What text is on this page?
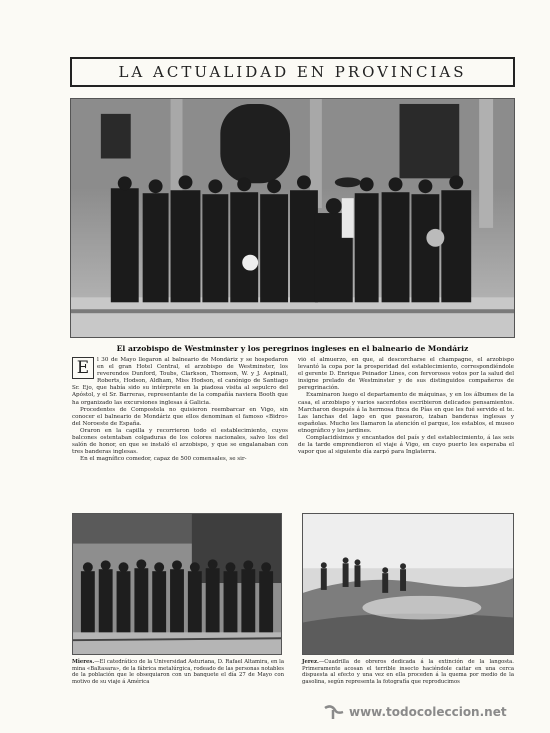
LA ACTUALIDAD EN PROVINCIAS
El arzobispo de Westminster y los peregrinos ingleses en el balneario de Mondáriz

E	l 30 de Mayo llegaron al balneario de Mondáriz y se hospedaron en el gran Hotel Central, el arzobispo de Westminster, los reverendos Dunford, Toubs, Clarkson, Thomson, W. y J. Aspinall, Roberts, Hodson, Aldham, Miss Hodson, el canónigo de Santiago Sr. Ejo, que había sido su intérprete en la piadosa visita al sepulcro del Apóstol, y el Sr. Barreras, representante de la compañía naviera Booth que ha organizado las excursiones inglesas á Galicia.

Procedentes de Compostela no quisieron reembarcar en Vigo, sin conocer el balneario de Mondáriz que ellos denominan el famoso «Bidro» del Noroeste de España.

Oraron en la capilla y recorrieron todo el establecimiento, cuyos balcones ostentaban colgaduras de los colores nacionales, salvo los del salón de honor, en que se instaló el arzobispo, y que se engalanaban con tres banderas inglesas.

En el magnífico comedor, capaz de 500 comensales, se sir-

vió el almuerzo, en que, al descorcharse el champagne, el arzobispo levantó la copa por la prosperidad del establecimiento, correspondiéndole el gerente D. Enrique Peinador Lines, con fervorosos votos por la salud del insigne prelado de Westminster y de sus distinguidos compañeros de peregrinación.

Examinaron luego el departamento de máquinas, y en los álbumes de la casa, el arzobispo y varios sacerdotes escribieron delicados pensamientos. Marcharon después á la hermosa finca de Pías en que les fué servido el te. Las lanchas del lago en que pasearon, izaban banderas inglesas y españolas. Mucho les llamaron la atención el parque, los establos, el museo etnográfico y los jardines.

Complacidísimos y encantados del país y del establecimiento, á las seis de la tarde emprendieron el viaje á Vigo, en cuyo puerto les esperaba el vapor que al siguiente día zarpó para Inglaterra.

Mieres.—El catedrático de la Universidad Asturiana, D. Rafael Altamira, en la mina «Baltasara», de la fábrica metalúrgica, rodeado de las personas notables de la población que le obsequiaron con un banquete el día 27 de Mayo con motivo de su viaje á América
Jerez.—Cuadrilla de obreros dedicada á la extinción de la langosta. Primeramente acosan el terrible insecto haciéndole caitar en una cerca dispuesta al efecto y una vez en ella proceden á la quema por medio de la gasolina, según representa la fotografía que reproducimos
www.todocoleccion.net
